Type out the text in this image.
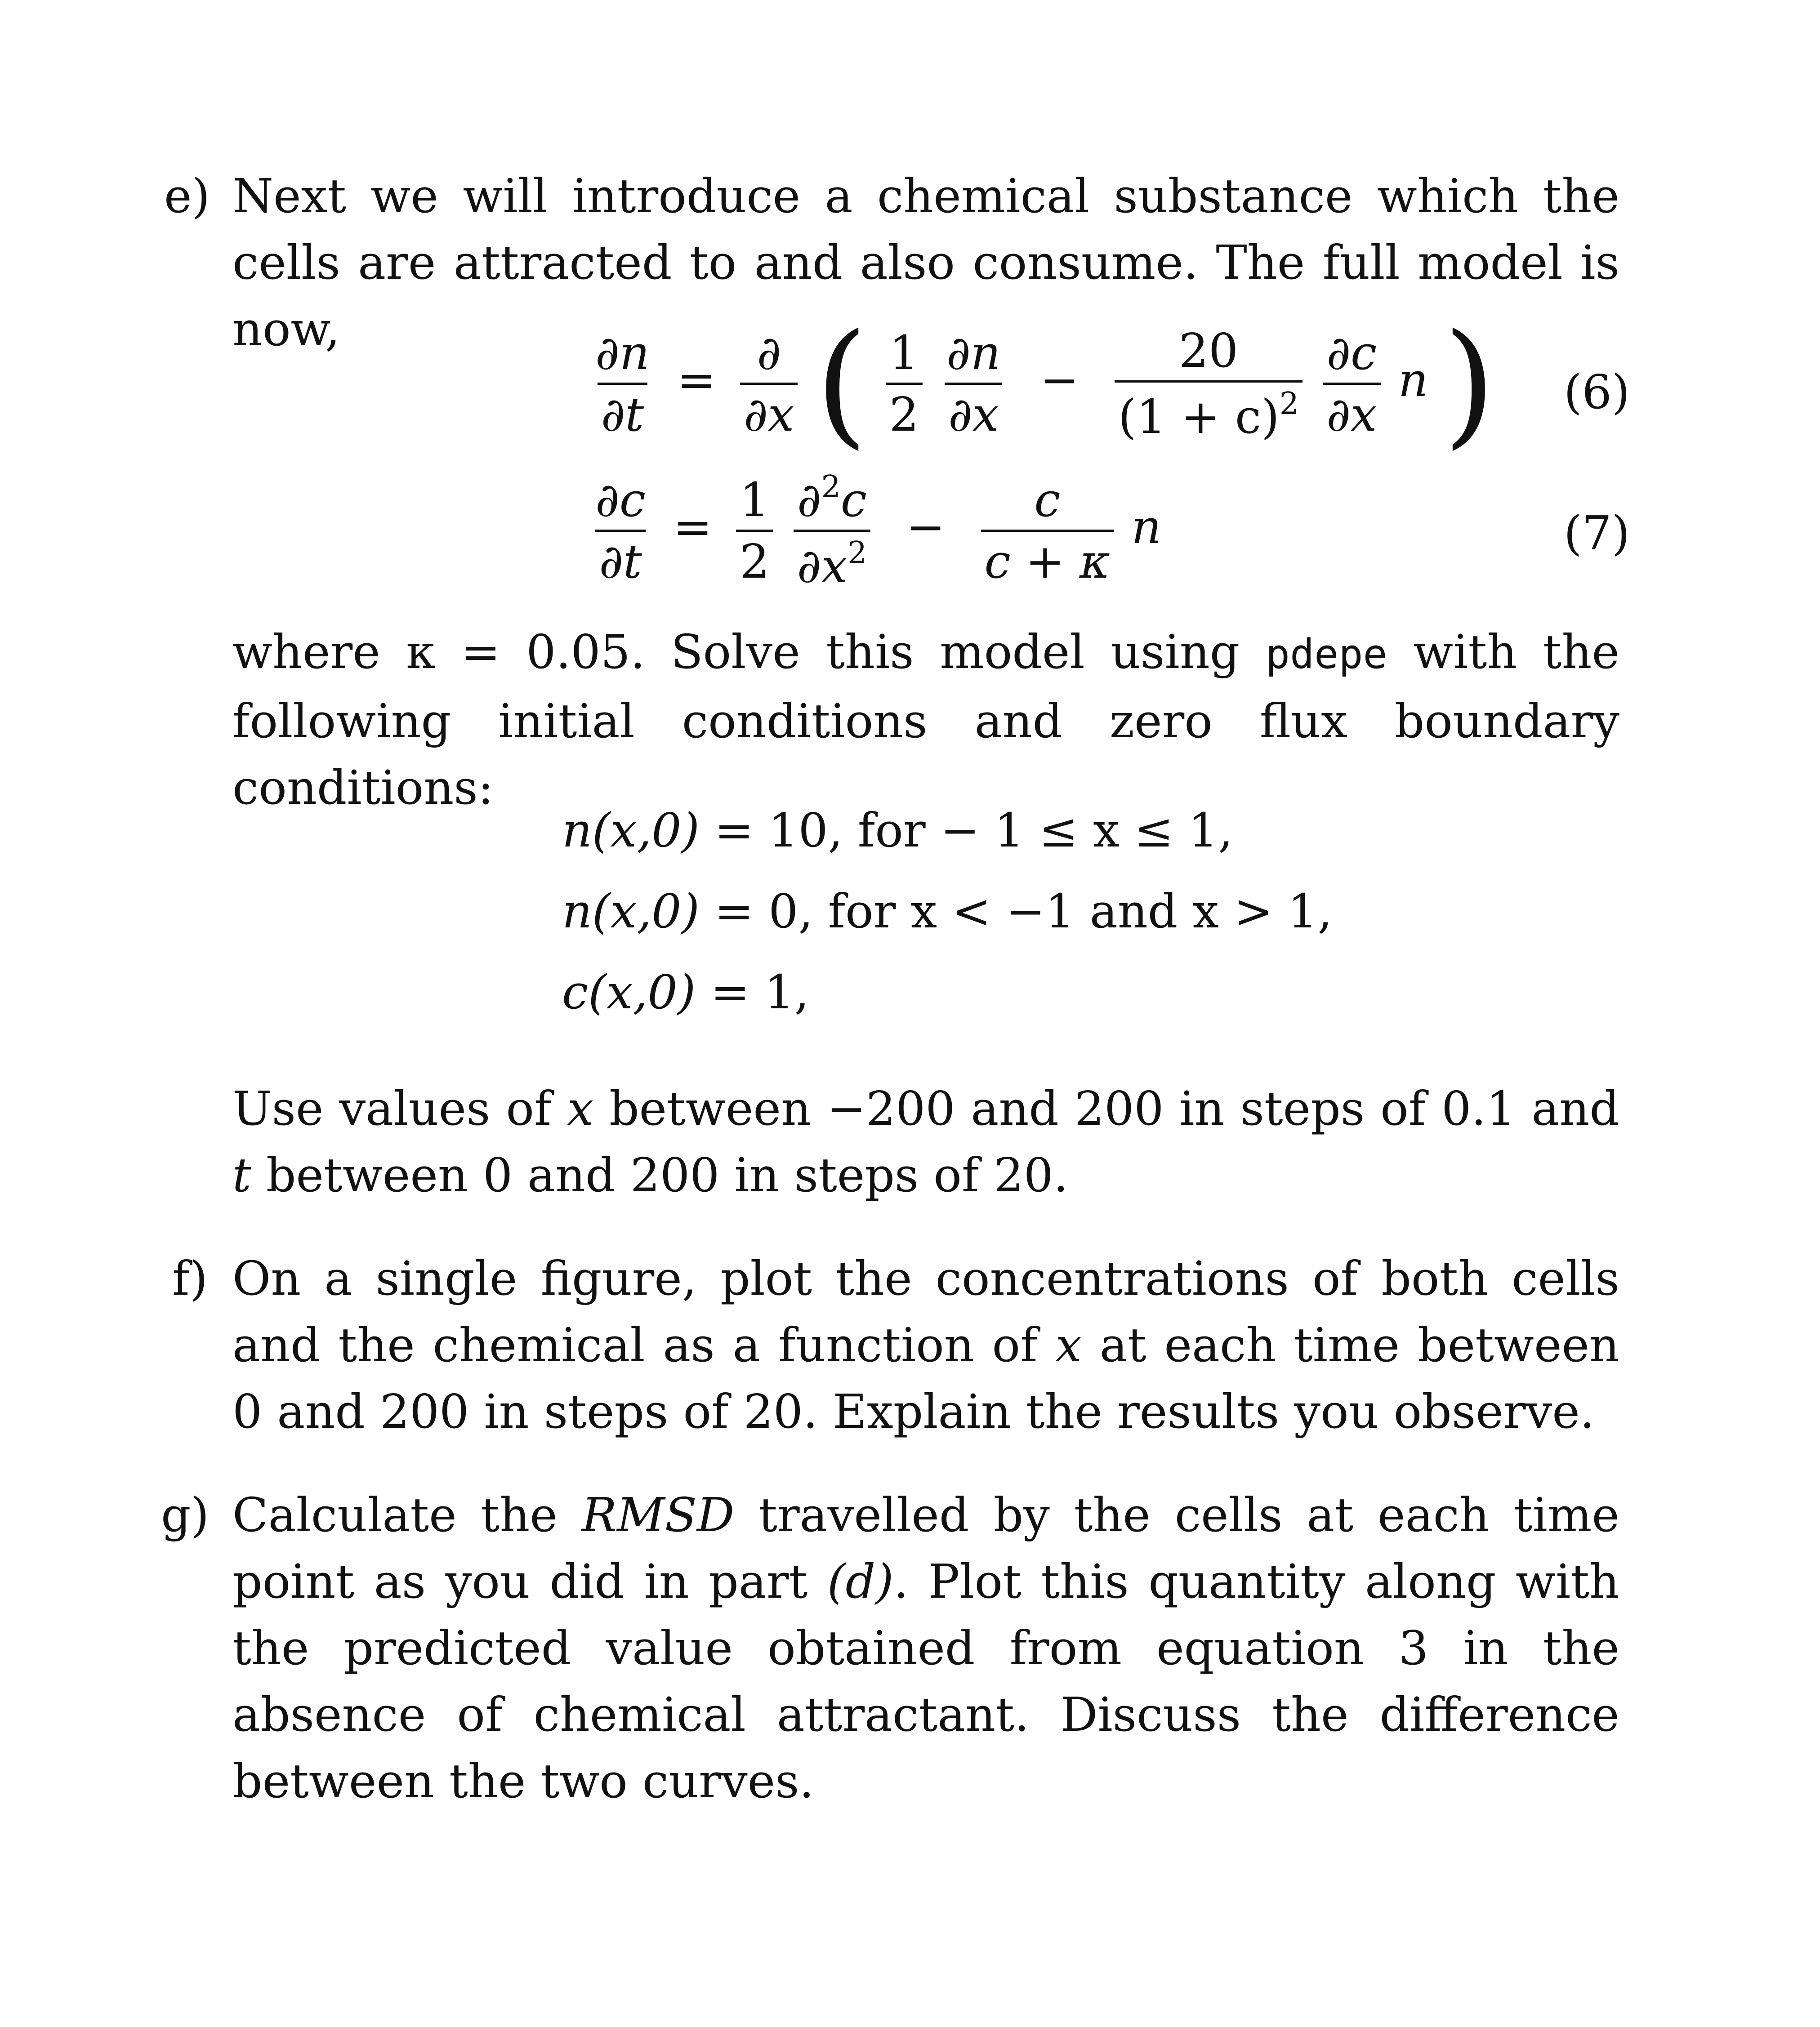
e) Next we will introduce a chemical substance which the cells are attracted to and also consume. The full model is now,
$\frac{\partial n}{\partial t} = \frac{\partial}{\partial x}$ ( $\frac{1}{2}$
$\frac{\partial n}{\partial x} - \frac{20}{(1 + c)^2}$
$\frac{\partial c}{\partial x}$ n ) (6)
$\frac{\partial c}{\partial t} = \frac{1}{2}$
$\frac{\partial^2c}{\partial x^2} - \frac{c}{c + \kappa}$ n	(7)
where κ = 0.05. Solve this model using pdepe with the following initial conditions and zero flux boundary conditions:
n(x,0) = 10, for − 1 ≤ x ≤ 1,
n(x,0) = 0, for x < −1 and x > 1,
c(x,0) = 1,
Use values of x between −200 and 200 in steps of 0.1 and t between 0 and 200 in steps of 20.
f) On a single figure, plot the concentrations of both cells and the chemical as a function of x at each time between 0 and 200 in steps of 20. Explain the results you observe.
g) Calculate the RMSD travelled by the cells at each time point as you did in part (d). Plot this quantity along with the predicted value obtained from equation 3 in the absence of chemical attractant. Discuss the difference between the two curves.
